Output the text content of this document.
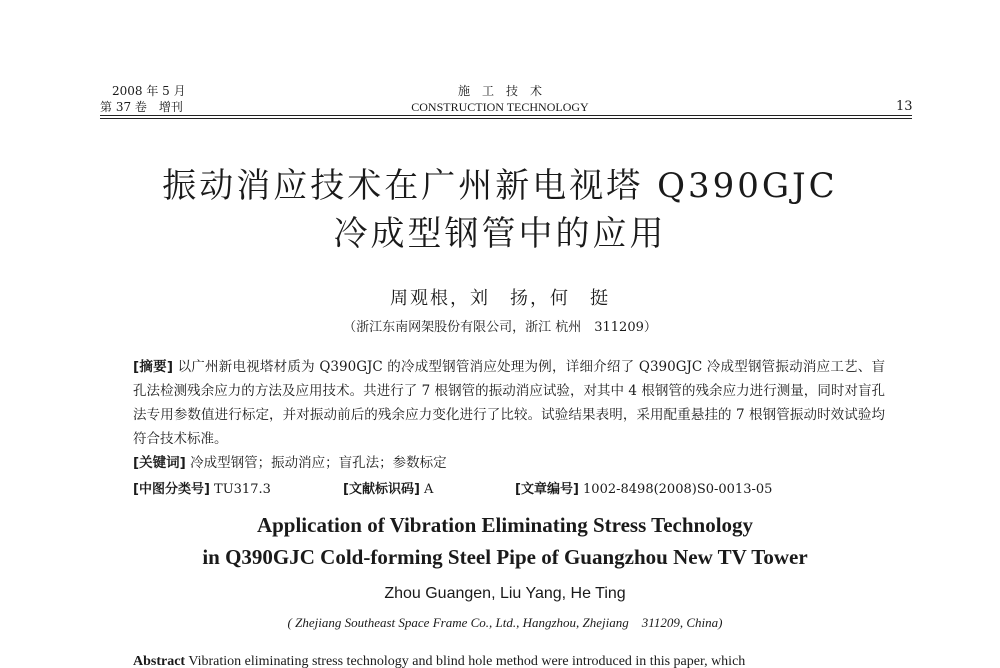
2008 年 5 月
第 37 卷　增刊
施　工　技　术
CONSTRUCTION TECHNOLOGY	13
振动消应技术在广州新电视塔 Q390GJC
冷成型钢管中的应用
周观根，刘　扬，何　挺
（浙江东南网架股份有限公司，浙江 杭州　311209）

[摘要] 以广州新电视塔材质为 Q390GJC 的冷成型钢管消应处理为例，详细介绍了 Q390GJC 冷成型钢管振动消应工艺、盲孔法检测残余应力的方法及应用技术。共进行了 7 根钢管的振动消应试验，对其中 4 根钢管的残余应力进行测量，同时对盲孔法专用参数值进行标定，并对振动前后的残余应力变化进行了比较。试验结果表明，采用配重悬挂的 7 根钢管振动时效试验均符合技术标准。

[关键词] 冷成型钢管；振动消应；盲孔法；参数标定

[中图分类号] TU317.3	[文献标识码] A	[文章编号] 1002-8498(2008)S0-0013-05
Application of Vibration Eliminating Stress Technology
in Q390GJC Cold-forming Steel Pipe of Guangzhou New TV Tower
Zhou Guangen, Liu Yang, He Ting
( Zhejiang Southeast Space Frame Co., Ltd., Hangzhou, Zhejiang　311209, China)
Abstract Vibration eliminating stress technology and blind hole method were introduced in this paper, which
